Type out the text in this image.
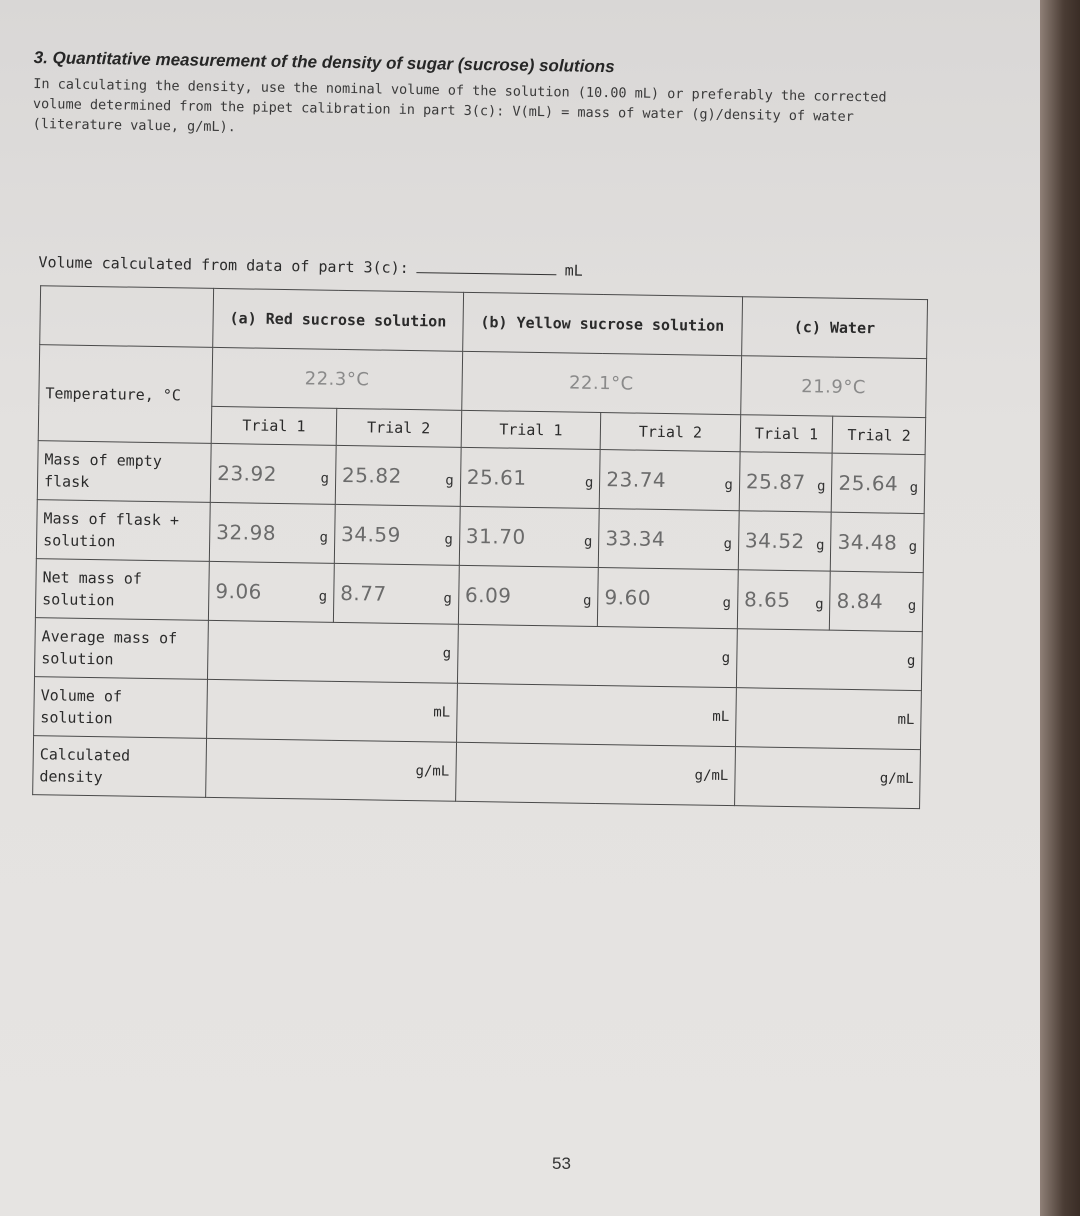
3. Quantitative measurement of the density of sugar (sucrose) solutions

In calculating the density, use the nominal volume of the solution (10.00 mL) or preferably the corrected volume determined from the pipet calibration in part 3(c): V(mL) = mass of water (g)/density of water (literature value, g/mL).

Volume calculated from data of part 3(c):	mL
	(a) Red sucrose solution		(b) Yellow sucrose solution		(c) Water	
Temperature, °C	22.3°C		22.1°C		21.9°C	

	Trial 1	Trial 2	Trial 1	Trial 2	Trial 1	Trial 2
Mass of empty flask	23.92 g	25.82 g	25.61 g	23.74 g	25.87 g	25.64 g

Mass of flask + solution	32.98 g	34.59 g	31.70 g	33.34 g	34.52 g	34.48 g

Net mass of solution	9.06 g	8.77 g	6.09 g	9.60 g	8.65 g	8.84 g

Average mass of solution	g		g		g	
Volume of solution	mL		mL		mL	
Calculated density	g/mL		g/mL		g/mL	
53
